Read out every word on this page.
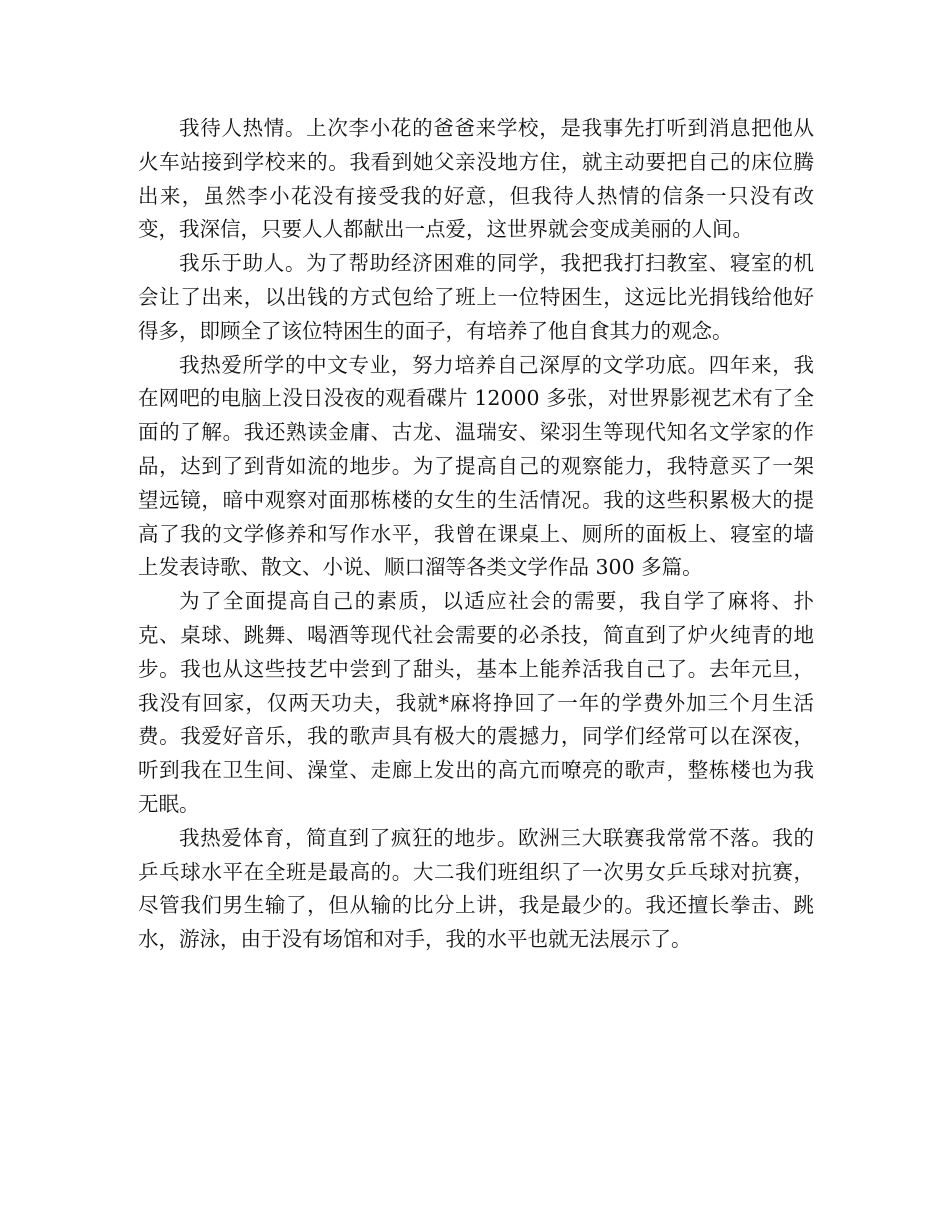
我待人热情。上次李小花的爸爸来学校，是我事先打听到消息把他从火车站接到学校来的。我看到她父亲没地方住，就主动要把自己的床位腾出来，虽然李小花没有接受我的好意，但我待人热情的信条一只没有改变，我深信，只要人人都献出一点爱，这世界就会变成美丽的人间。

我乐于助人。为了帮助经济困难的同学，我把我打扫教室、寝室的机会让了出来，以出钱的方式包给了班上一位特困生，这远比光捐钱给他好得多，即顾全了该位特困生的面子，有培养了他自食其力的观念。

我热爱所学的中文专业，努力培养自己深厚的文学功底。四年来，我在网吧的电脑上没日没夜的观看碟片 12000 多张，对世界影视艺术有了全面的了解。我还熟读金庸、古龙、温瑞安、梁羽生等现代知名文学家的作品，达到了到背如流的地步。为了提高自己的观察能力，我特意买了一架望远镜，暗中观察对面那栋楼的女生的生活情况。我的这些积累极大的提高了我的文学修养和写作水平，我曾在课桌上、厕所的面板上、寝室的墙上发表诗歌、散文、小说、顺口溜等各类文学作品 300 多篇。

为了全面提高自己的素质，以适应社会的需要，我自学了麻将、扑克、桌球、跳舞、喝酒等现代社会需要的必杀技，简直到了炉火纯青的地步。我也从这些技艺中尝到了甜头，基本上能养活我自己了。去年元旦，我没有回家，仅两天功夫，我就*麻将挣回了一年的学费外加三个月生活费。我爱好音乐，我的歌声具有极大的震撼力，同学们经常可以在深夜，听到我在卫生间、澡堂、走廊上发出的高亢而嘹亮的歌声，整栋楼也为我无眠。

我热爱体育，简直到了疯狂的地步。欧洲三大联赛我常常不落。我的乒乓球水平在全班是最高的。大二我们班组织了一次男女乒乓球对抗赛，尽管我们男生输了，但从输的比分上讲，我是最少的。我还擅长拳击、跳水，游泳，由于没有场馆和对手，我的水平也就无法展示了。
